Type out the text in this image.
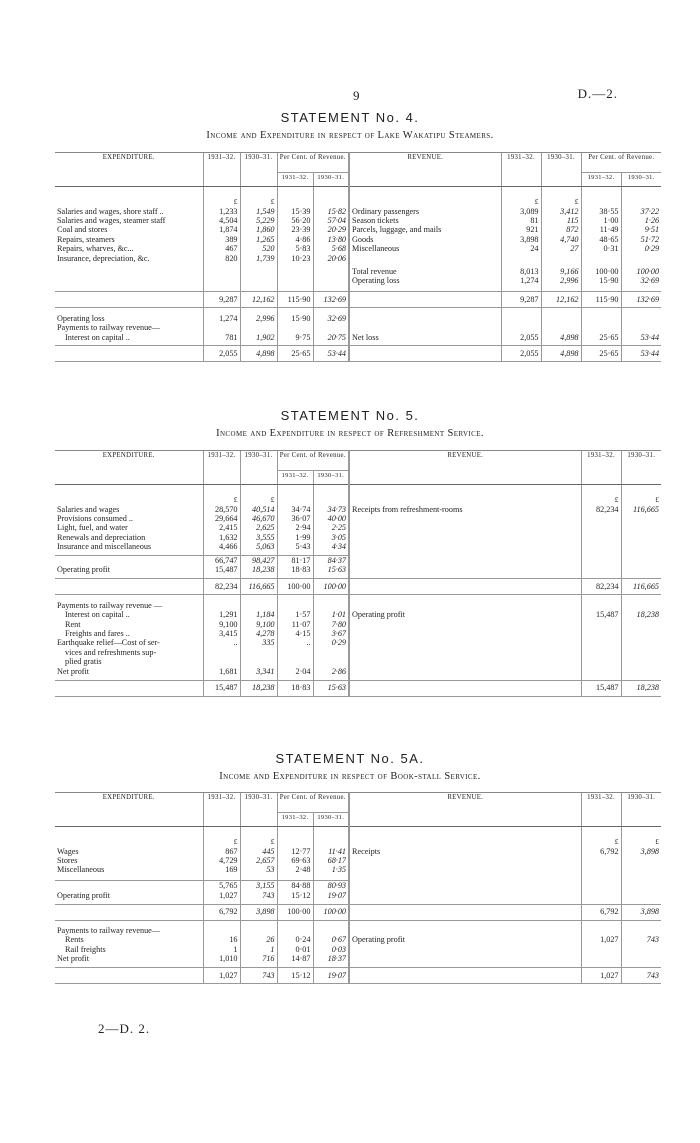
9	D.—2.
STATEMENT No. 4.
Income and Expenditure in respect of Lake Wakatipu Steamers.
EXPENDITURE.	1931–32.	1930–31.	Per Cent. of Revenue.		REVENUE.	1931–32.	1930–31.	Per Cent. of Revenue.	
			1931–32.	1930–31.				1931–32.	1930–31.
	£	£				£	£		
Salaries and wages, shore staff ..	1,233	1,549	15·39	15·82	Ordinary passengers	3,089	3,412	38·55	37·22
Salaries and wages, steamer staff	4,504	5,229	56·20	57·04	Season tickets	81	115	1·00	1·26
Coal and stores	1,874	1,860	23·39	20·29	Parcels, luggage, and mails	921	872	11·49	9·51
Repairs, steamers	389	1,265	4·86	13·80	Goods	3,898	4,740	48·65	51·72
Repairs, wharves, &c...	467	520	5·83	5·68	Miscellaneous	24	27	0·31	0·29
Insurance, depreciation, &c.	820	1,739	10·23	20·06					

					Total revenue	8,013	9,166	100·00	100·00
					Operating loss	1,274	2,996	15·90	32·69

	9,287	12,162	115·90	132·69		9,287	12,162	115·90	132·69

Operating loss	1,274	2,996	15·90	32·69					
Payments to railway revenue—									
Interest on capital ..	781	1,902	9·75	20·75	Net loss	2,055	4,898	25·65	53·44

	2,055	4,898	25·65	53·44		2,055	4,898	25·65	53·44
STATEMENT No. 5.
Income and Expenditure in respect of Refreshment Service.
EXPENDITURE.	1931–32.	1930–31.	Per Cent. of Revenue.		REVENUE.	1931–32.	1930–31.
			1931–32.	1930–31.			
	£	£				£	£
Salaries and wages	28,570	40,514	34·74	34·73	Receipts from refreshment-rooms	82,234	116,665
Provisions consumed ..	29,664	46,670	36·07	40·00			
Light, fuel, and water	2,415	2,625	2·94	2·25			
Renewals and depreciation	1,632	3,555	1·99	3·05			
Insurance and miscellaneous	4,466	5,063	5·43	4·34			

	66,747	98,427	81·17	84·37			
Operating profit	15,487	18,238	18·83	15·63			

	82,234	116,665	100·00	100·00		82,234	116,665

Payments to railway revenue —							
Interest on capital ..	1,291	1,184	1·57	1·01	Operating profit	15,487	18,238
Rent	9,100	9,100	11·07	7·80			
Freights and fares ..	3,415	4,278	4·15	3·67			
Earthquake relief—Cost of ser-	..	335	..	0·29			
vices and refreshments sup-							
plied gratis							
Net profit	1,681	3,341	2·04	2·86			

	15,487	18,238	18·83	15·63		15,487	18,238
STATEMENT No. 5A.
Income and Expenditure in respect of Book-stall Service.
EXPENDITURE.	1931–32.	1930–31.	Per Cent. of Revenue.		REVENUE.	1931–32.	1930–31.
			1931–32.	1930–31.			
	£	£				£	£
Wages	867	445	12·77	11·41	Receipts	6,792	3,898
Stores	4,729	2,657	69·63	68·17			
Miscellaneous	169	53	2·48	1·35			

	5,765	3,155	84·88	80·93			
Operating profit	1,027	743	15·12	19·07			

	6,792	3,898	100·00	100·00		6,792	3,898

Payments to railway revenue—							
Rents	16	26	0·24	0·67	Operating profit	1,027	743
Rail freights	1	1	0·01	0·03			
Net profit	1,010	716	14·87	18·37			

	1,027	743	15·12	19·07		1,027	743
2—D. 2.
